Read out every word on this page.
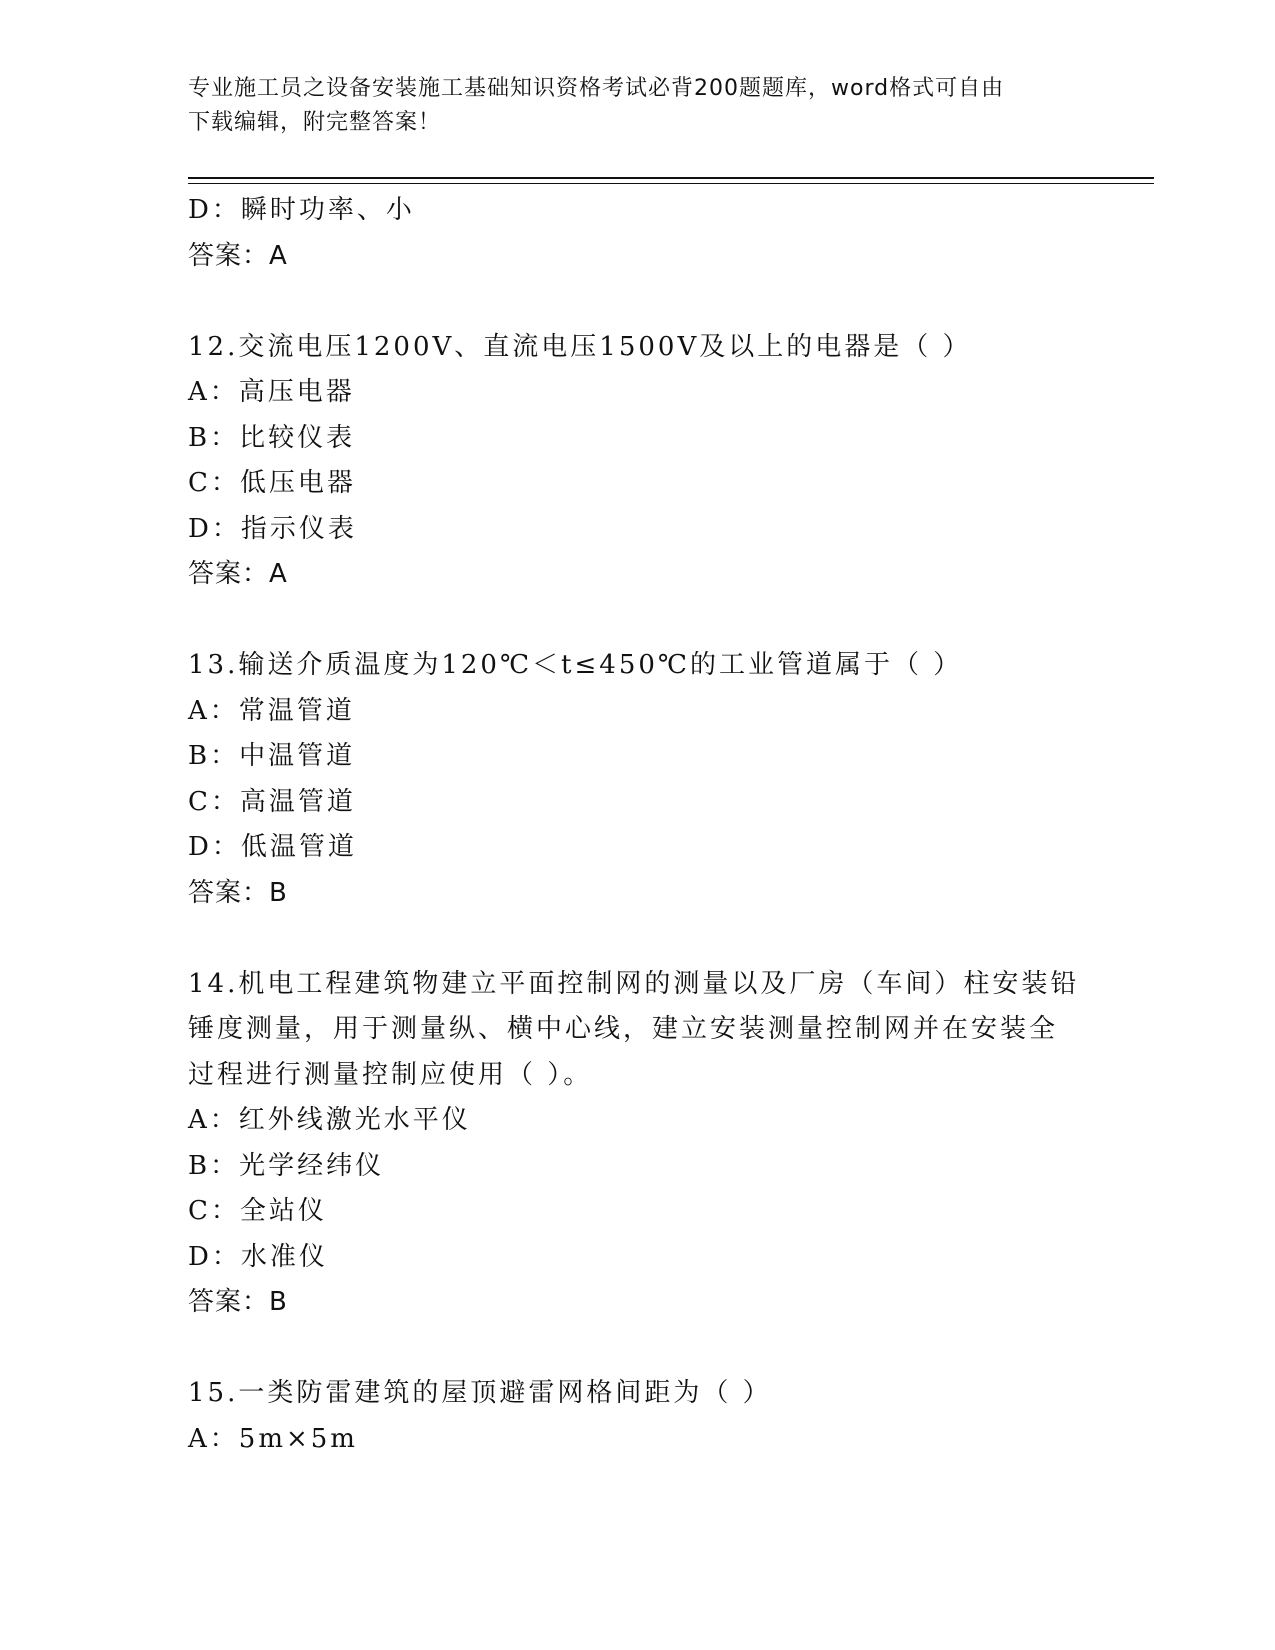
专业施工员之设备安装施工基础知识资格考试必背200题题库，word格式可自由
下载编辑，附完整答案！
D：瞬时功率、小
答案：A
12.交流电压1200V、直流电压1500V及以上的电器是（ ）
A：高压电器
B：比较仪表
C：低压电器
D：指示仪表
答案：A
13.输送介质温度为120℃＜t≤450℃的工业管道属于（ ）
A：常温管道
B：中温管道
C：高温管道
D：低温管道
答案：B
14.机电工程建筑物建立平面控制网的测量以及厂房（车间）柱安装铅
锤度测量，用于测量纵、横中心线，建立安装测量控制网并在安装全
过程进行测量控制应使用（ ）。
A：红外线激光水平仪
B：光学经纬仪
C：全站仪
D：水准仪
答案：B
15.一类防雷建筑的屋顶避雷网格间距为（ ）
A：5m×5m
